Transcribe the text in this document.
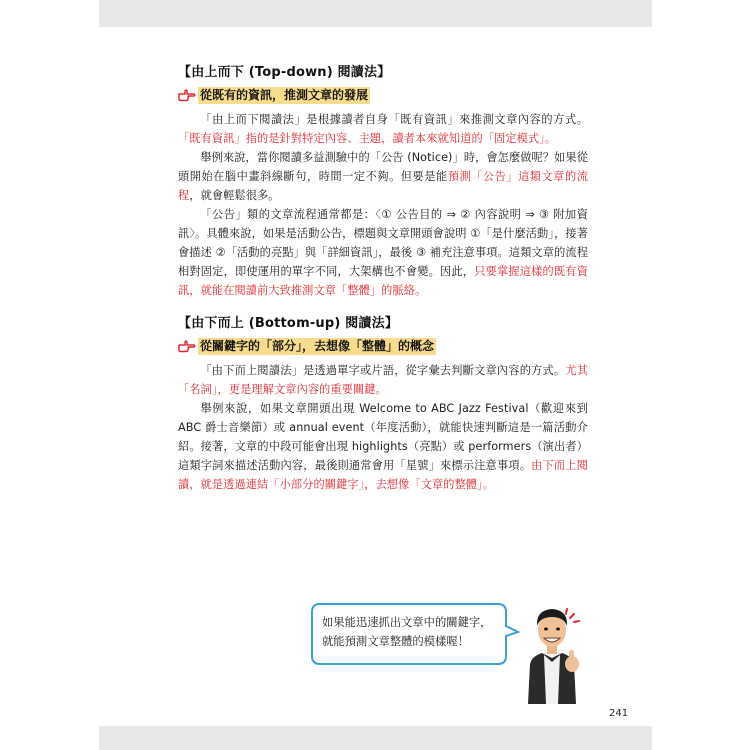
【由上而下 (Top-down) 閱讀法】
從既有的資訊，推測文章的發展

「由上而下閱讀法」是根據讀者自身「既有資訊」來推測文章內容的方式。「既有資訊」指的是針對特定內容、主題，讀者本來就知道的「固定模式」。

舉例來說，當你閱讀多益測驗中的「公告 (Notice)」時，會怎麼做呢？如果從頭開始在腦中畫斜線斷句，時間一定不夠。但要是能預測「公告」這類文章的流程，就會輕鬆很多。

「公告」類的文章流程通常都是：〈① 公告目的 ⇒ ② 內容說明 ⇒ ③ 附加資訊〉。具體來說，如果是活動公告，標題與文章開頭會說明 ①「是什麼活動」，接著會描述 ②「活動的亮點」與「詳細資訊」，最後 ③ 補充注意事項。這類文章的流程相對固定，即使運用的單字不同，大架構也不會變。因此，只要掌握這樣的既有資訊，就能在閱讀前大致推測文章「整體」的脈絡。

【由下而上 (Bottom-up) 閱讀法】
從關鍵字的「部分」，去想像「整體」的概念

「由下而上閱讀法」是透過單字或片語，從字彙去判斷文章內容的方式。尤其「名詞」，更是理解文章內容的重要關鍵。

舉例來說，如果文章開頭出現 Welcome to ABC Jazz Festival（歡迎來到 ABC 爵士音樂節）或 annual event（年度活動），就能快速判斷這是一篇活動介紹。接著，文章的中段可能會出現 highlights（亮點）或 performers（演出者）這類字詞來描述活動內容，最後則通常會用「星號」來標示注意事項。由下而上閱讀，就是透過連結「小部分的關鍵字」，去想像「文章的整體」。

如果能迅速抓出文章中的關鍵字，
就能預測文章整體的模樣喔！
241
